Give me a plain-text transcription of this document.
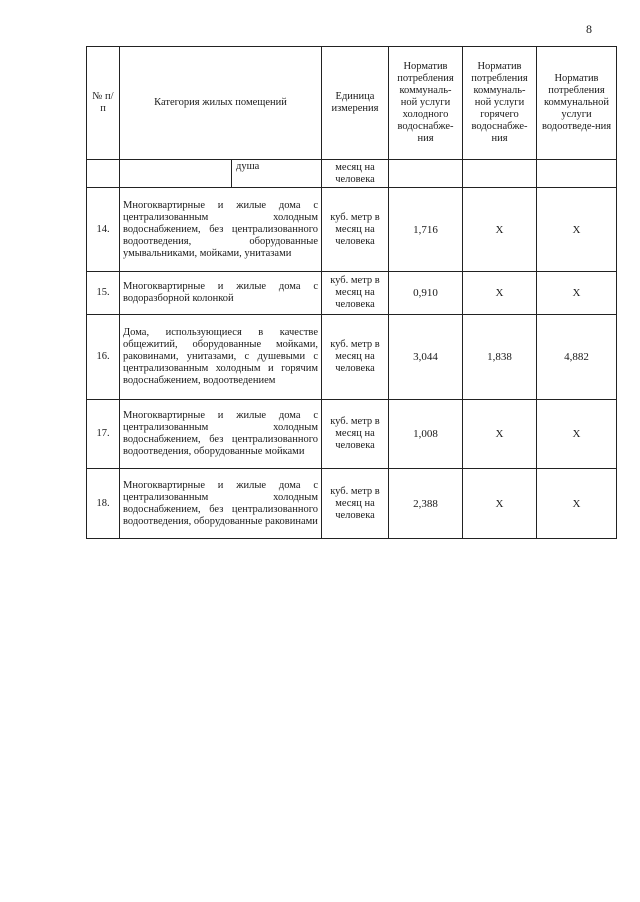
8
№ п/п	Категория жилых помещений	Единица измерения	Норматив потребления коммуналь-ной услуги холодного водоснабже-ния	Норматив потребления коммуналь-ной услуги горячего водоснабже-ния	Норматив потребления коммунальной услуги водоотведе-ния

	душа	месяц на человека			
14.	Многоквартирные и жилые дома с централизованным холодным водоснабжением, без централизованного водоотведения, оборудованные умывальниками, мойками, унитазами	куб. метр в месяц на человека	1,716	Х	Х
15.	Многоквартирные и жилые дома с водоразборной колонкой	куб. метр в месяц на человека	0,910	Х	Х
16.	Дома, использующиеся в качестве общежитий, оборудованные мойками, раковинами, унитазами, с душевыми с централизованным холодным и горячим водоснабжением, водоотведением	куб. метр в месяц на человека	3,044	1,838	4,882
17.	Многоквартирные и жилые дома с централизованным холодным водоснабжением, без централизованного водоотведения, оборудованные мойками	куб. метр в месяц на человека	1,008	Х	Х
18.	Многоквартирные и жилые дома с централизованным холодным водоснабжением, без централизованного водоотведения, оборудованные раковинами	куб. метр в месяц на человека	2,388	Х	Х
